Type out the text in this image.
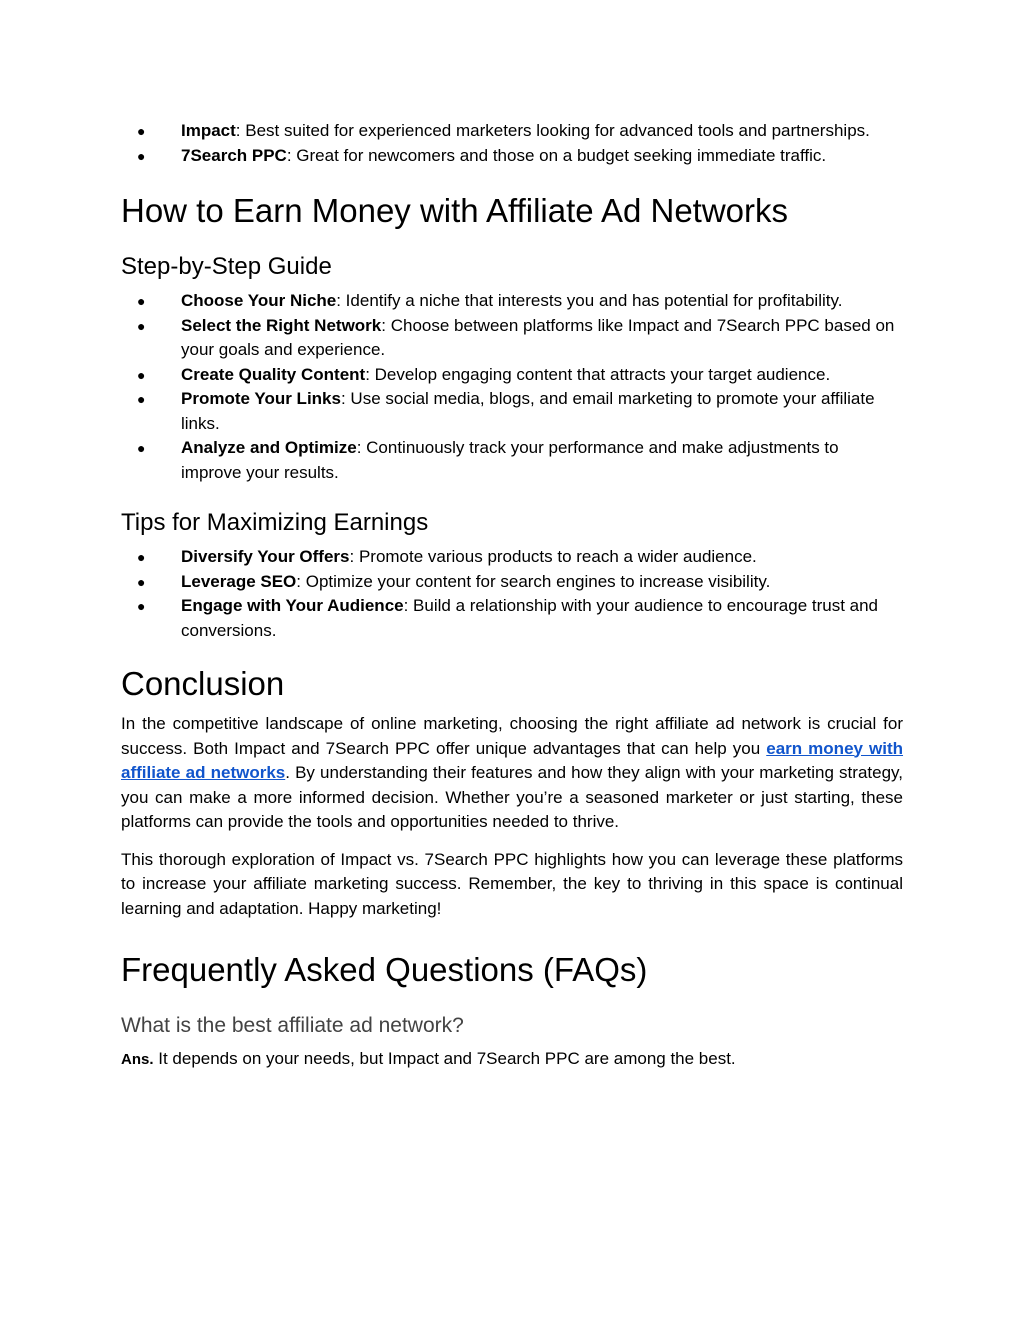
● Impact: Best suited for experienced marketers looking for advanced tools and partnerships.
● 7Search PPC: Great for newcomers and those on a budget seeking immediate traffic.
How to Earn Money with Affiliate Ad Networks
Step-by-Step Guide
● Choose Your Niche: Identify a niche that interests you and has potential for profitability.
● Select the Right Network: Choose between platforms like Impact and 7Search PPC based on your goals and experience.
● Create Quality Content: Develop engaging content that attracts your target audience.
● Promote Your Links: Use social media, blogs, and email marketing to promote your affiliate links.
● Analyze and Optimize: Continuously track your performance and make adjustments to improve your results.
Tips for Maximizing Earnings
● Diversify Your Offers: Promote various products to reach a wider audience.
● Leverage SEO: Optimize your content for search engines to increase visibility.
● Engage with Your Audience: Build a relationship with your audience to encourage trust and conversions.
Conclusion

In the competitive landscape of online marketing, choosing the right affiliate ad network is crucial for success. Both Impact and 7Search PPC offer unique advantages that can help you earn money with affiliate ad networks. By understanding their features and how they align with your marketing strategy, you can make a more informed decision. Whether you’re a seasoned marketer or just starting, these platforms can provide the tools and opportunities needed to thrive.

This thorough exploration of Impact vs. 7Search PPC highlights how you can leverage these platforms to increase your affiliate marketing success. Remember, the key to thriving in this space is continual learning and adaptation. Happy marketing!

Frequently Asked Questions (FAQs)
What is the best affiliate ad network?

Ans. It depends on your needs, but Impact and 7Search PPC are among the best.
